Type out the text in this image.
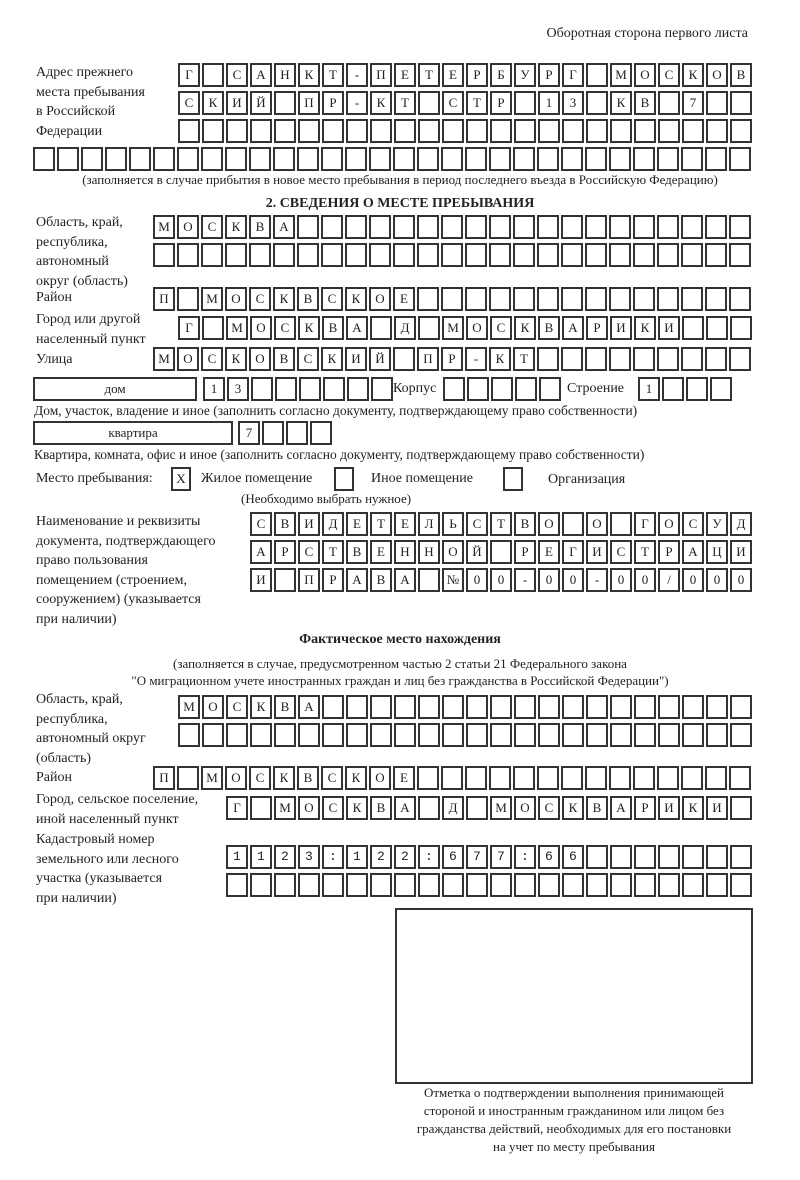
Оборотная сторона первого листа
Адрес прежнего
места пребывания
в Российской
Федерации
Г	С	А	Н	К	Т	-	П	Е	Т	Е	Р	Б	У	Р	Г	М	О	С	К	О	В
С	К	И	Й	П	Р	-	К	Т	С	Т	Р	1	3	К	В	7
(заполняется в случае прибытия в новое место пребывания в период последнего въезда в Российскую Федерацию)
2. СВЕДЕНИЯ О МЕСТЕ ПРЕБЫВАНИЯ
Область, край,
республика,
автономный
округ (область)
М	О	С	К	В	А
Район	П	М	О	С	К	В	С	К	О	Е
Город или другой
населенный пункт
Г	М	О	С	К	В	А	Д	М	О	С	К	В	А	Р	И	К	И
Улица	М	О	С	К	О	В	С	К	И	Й	П	Р	-	К	Т
дом	1	3	Корпус	Строение	1
Дом, участок, владение и иное (заполнить согласно документу, подтверждающему право собственности)
квартира	7
Квартира, комната, офис и иное (заполнить согласно документу, подтверждающему право собственности)
Место пребывания:	X	Жилое помещение	Иное помещение	Организация
(Необходимо выбрать нужное)
Наименование и реквизиты
документа, подтверждающего
право пользования
помещением (строением,
сооружением) (указывается
при наличии)
С	В	И	Д	Е	Т	Е	Л	Ь	С	Т	В	О	О	Г	О	С	У	Д
А	Р	С	Т	В	Е	Н	Н	О	Й	Р	Е	Г	И	С	Т	Р	А	Ц	И
И	П	Р	А	В	А	№	0	0	-	0	0	-	0	0	/	0	0	0
Фактическое место нахождения
(заполняется в случае, предусмотренном частью 2 статьи 21 Федерального закона
"О миграционном учете иностранных граждан и лиц без гражданства в Российской Федерации")
Область, край,
республика,
автономный округ
(область)
М	О	С	К	В	А
Район	П	М	О	С	К	В	С	К	О	Е
Город, сельское поселение,
иной населенный пункт
Г	М	О	С	К	В	А	Д	М	О	С	К	В	А	Р	И	К	И
Кадастровый номер
земельного или лесного
участка (указывается
при наличии)
1123:122:677:66

Отметка о подтверждении выполнения принимающей
стороной и иностранным гражданином или лицом без
гражданства действий, необходимых для его постановки
на учет по месту пребывания
